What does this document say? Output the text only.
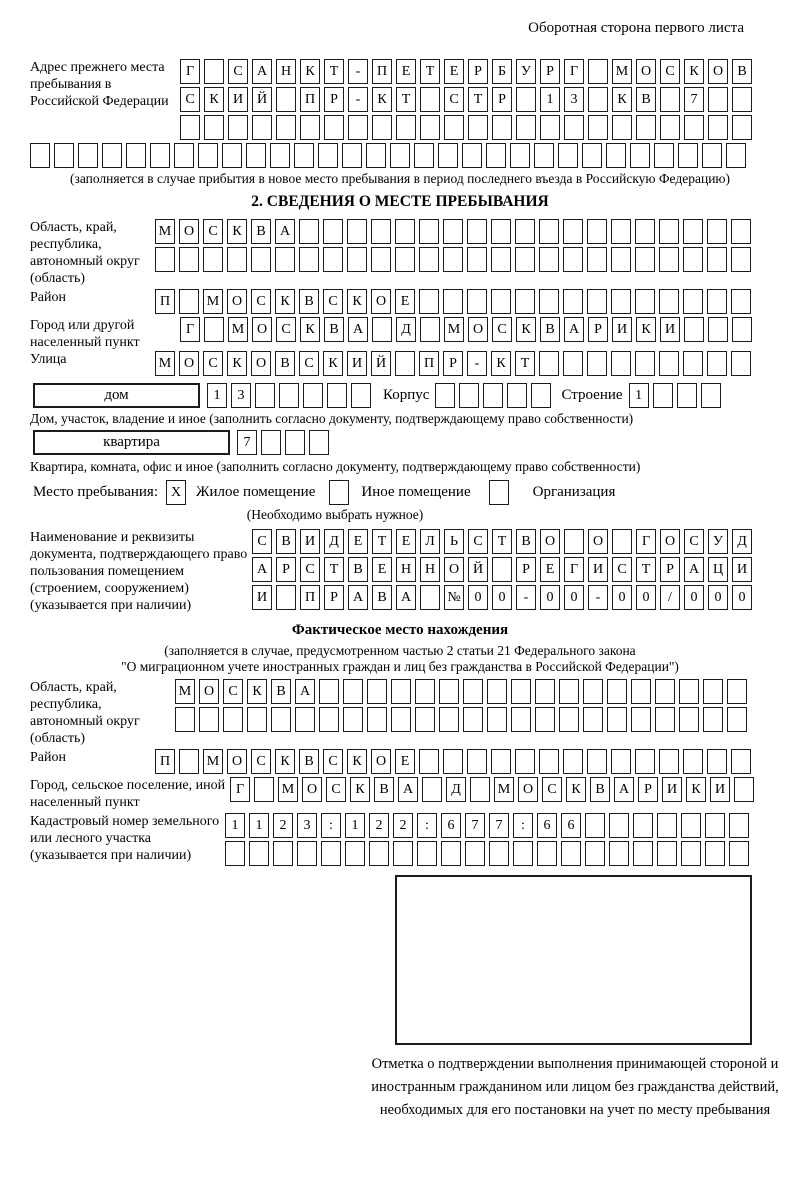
Оборотная сторона первого листа
Адрес прежнего места пребывания в Российской Федерации
Г	С	А Н	К	Т	-	П	Е	Т	Е	Р	Б	У	Р	Г	М О	С	К	О	В
С	К	И Й	П	Р	-	К	Т	С	Т	Р	1	3	К	В	7
(заполняется в случае прибытия в новое место пребывания в период последнего въезда в Российскую Федерацию)
2. СВЕДЕНИЯ О МЕСТЕ ПРЕБЫВАНИЯ
Область, край, республика, автономный округ (область)
М О	С	К	В	А
Район	П	М О	С	К	В	С	К	О	Е
Город или другой населенный пункт
Г	М О	С	К	В	А	Д	М О	С	К	В	А	Р	И	К	И
Улица	М О	С	К	О	В	С	К	И Й	П	Р	-	К	Т
дом	1	3	Корпус	Строение 1
Дом, участок, владение и иное (заполнить согласно документу, подтверждающему право собственности)
квартира	7
Квартира, комната, офис и иное (заполнить согласно документу, подтверждающему право собственности)
Место пребывания: X Жилое помещение	Иное помещение	Организация
(Необходимо выбрать нужное)
Наименование и реквизиты документа, подтверждающего право пользования помещением (строением, сооружением) (указывается при наличии)
С	В	И	Д	Е	Т	Е	Л	Ь	С	Т	В	О	О	Г	О	С	У	Д
А	Р	С	Т	В	Е	Н Н О Й	Р	Е	Г	И	С	Т	Р	А Ц И
И	П	Р	А	В	А	№ 0	0	-	0	0	-	0	0	/	0	0	0
Фактическое место нахождения
(заполняется в случае, предусмотренном частью 2 статьи 21 Федерального закона
"О миграционном учете иностранных граждан и лиц без гражданства в Российской Федерации")
Область, край, республика, автономный округ (область)
М О	С	К	В	А
Район	П	М О	С	К	В	С	К	О	Е
Город, сельское поселение, иной населенный пункт
Г	М О	С	К	В	А	Д	М О	С	К	В	А	Р	И	К	И
Кадастровый номер земельного или лесного участка (указывается при наличии)
1	1	2	3	:	1	2	2	:	6	7	7	:	6	6
Отметка о подтверждении выполнения принимающей стороной и иностранным гражданином или лицом без гражданства действий, необходимых для его постановки на учет по месту пребывания
